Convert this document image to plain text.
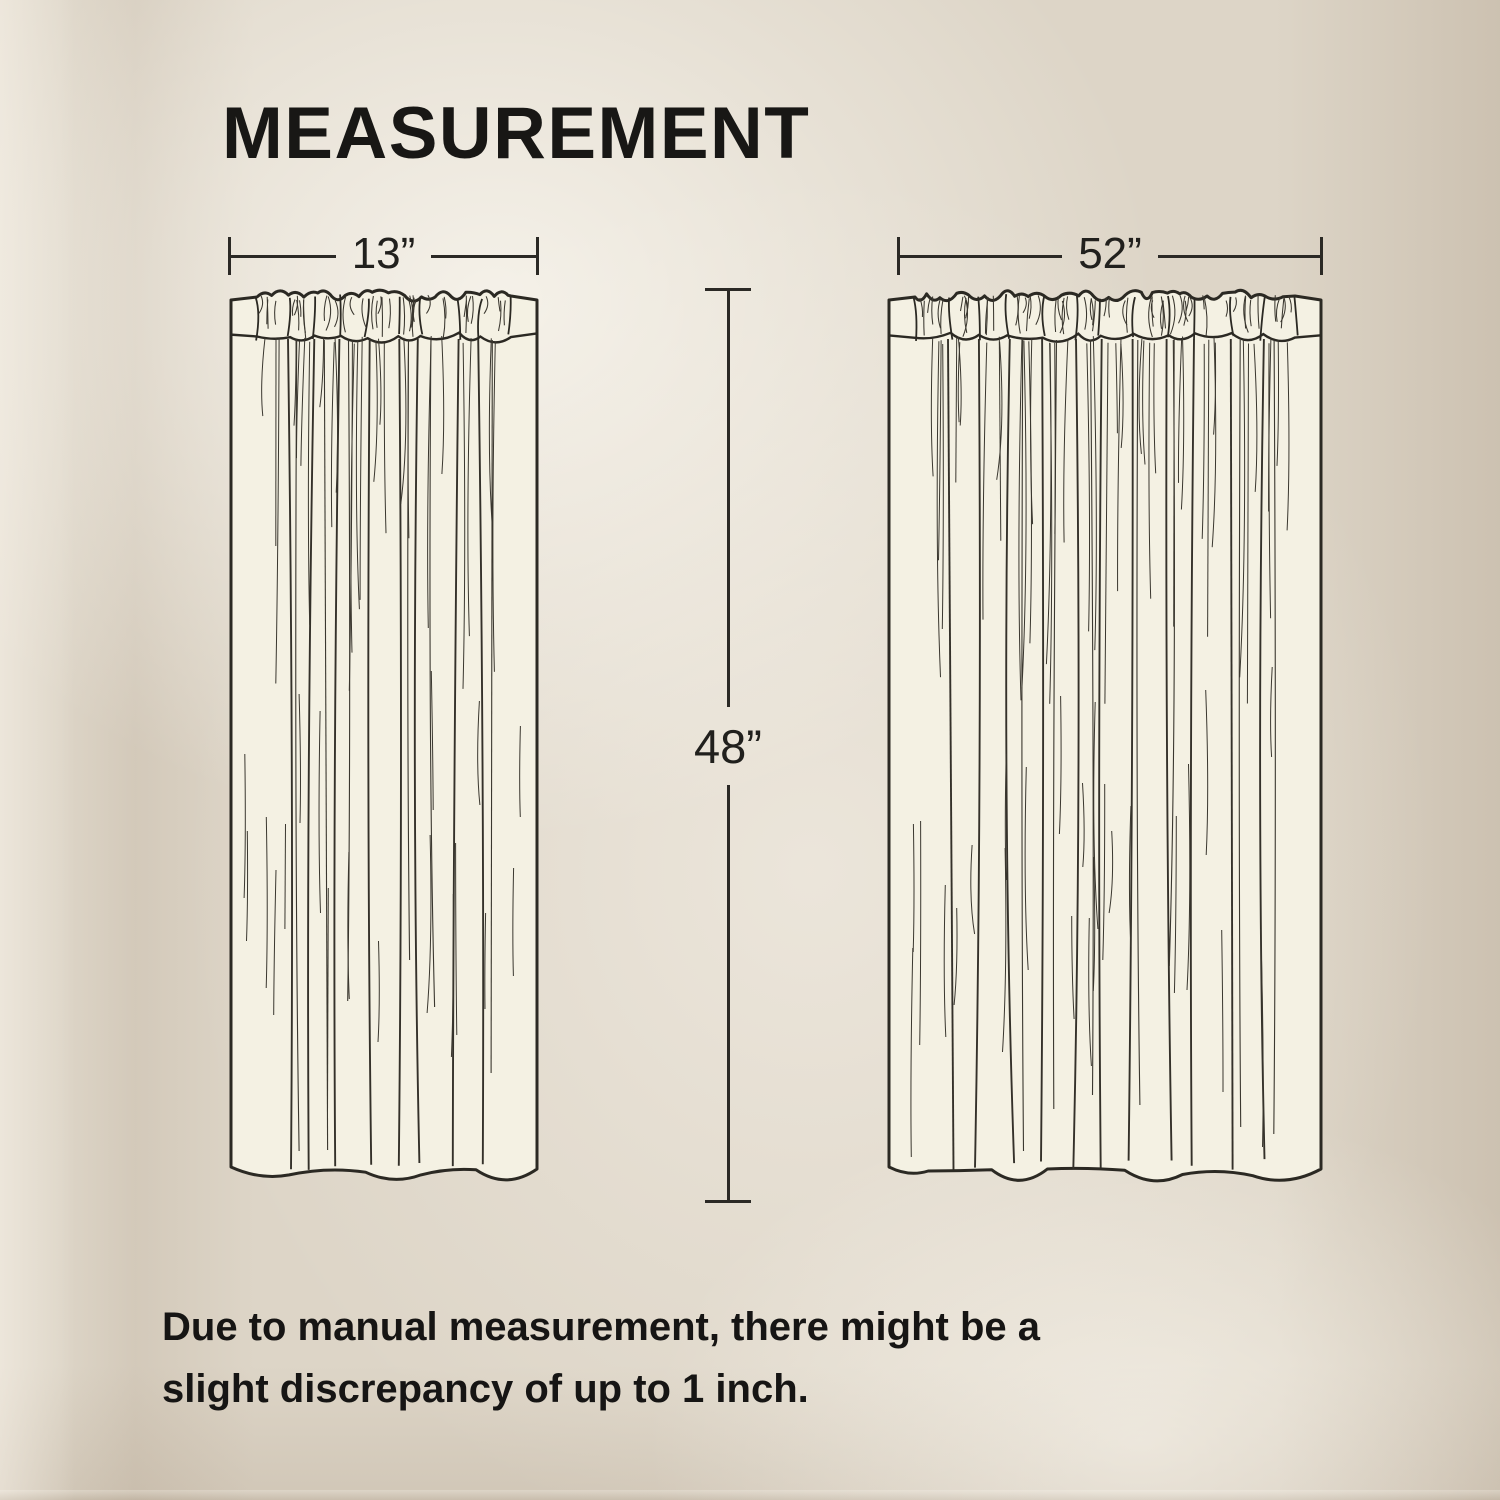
MEASUREMENT
13”	52”
48”
Due to manual measurement, there might be a
slight discrepancy of up to 1 inch.
